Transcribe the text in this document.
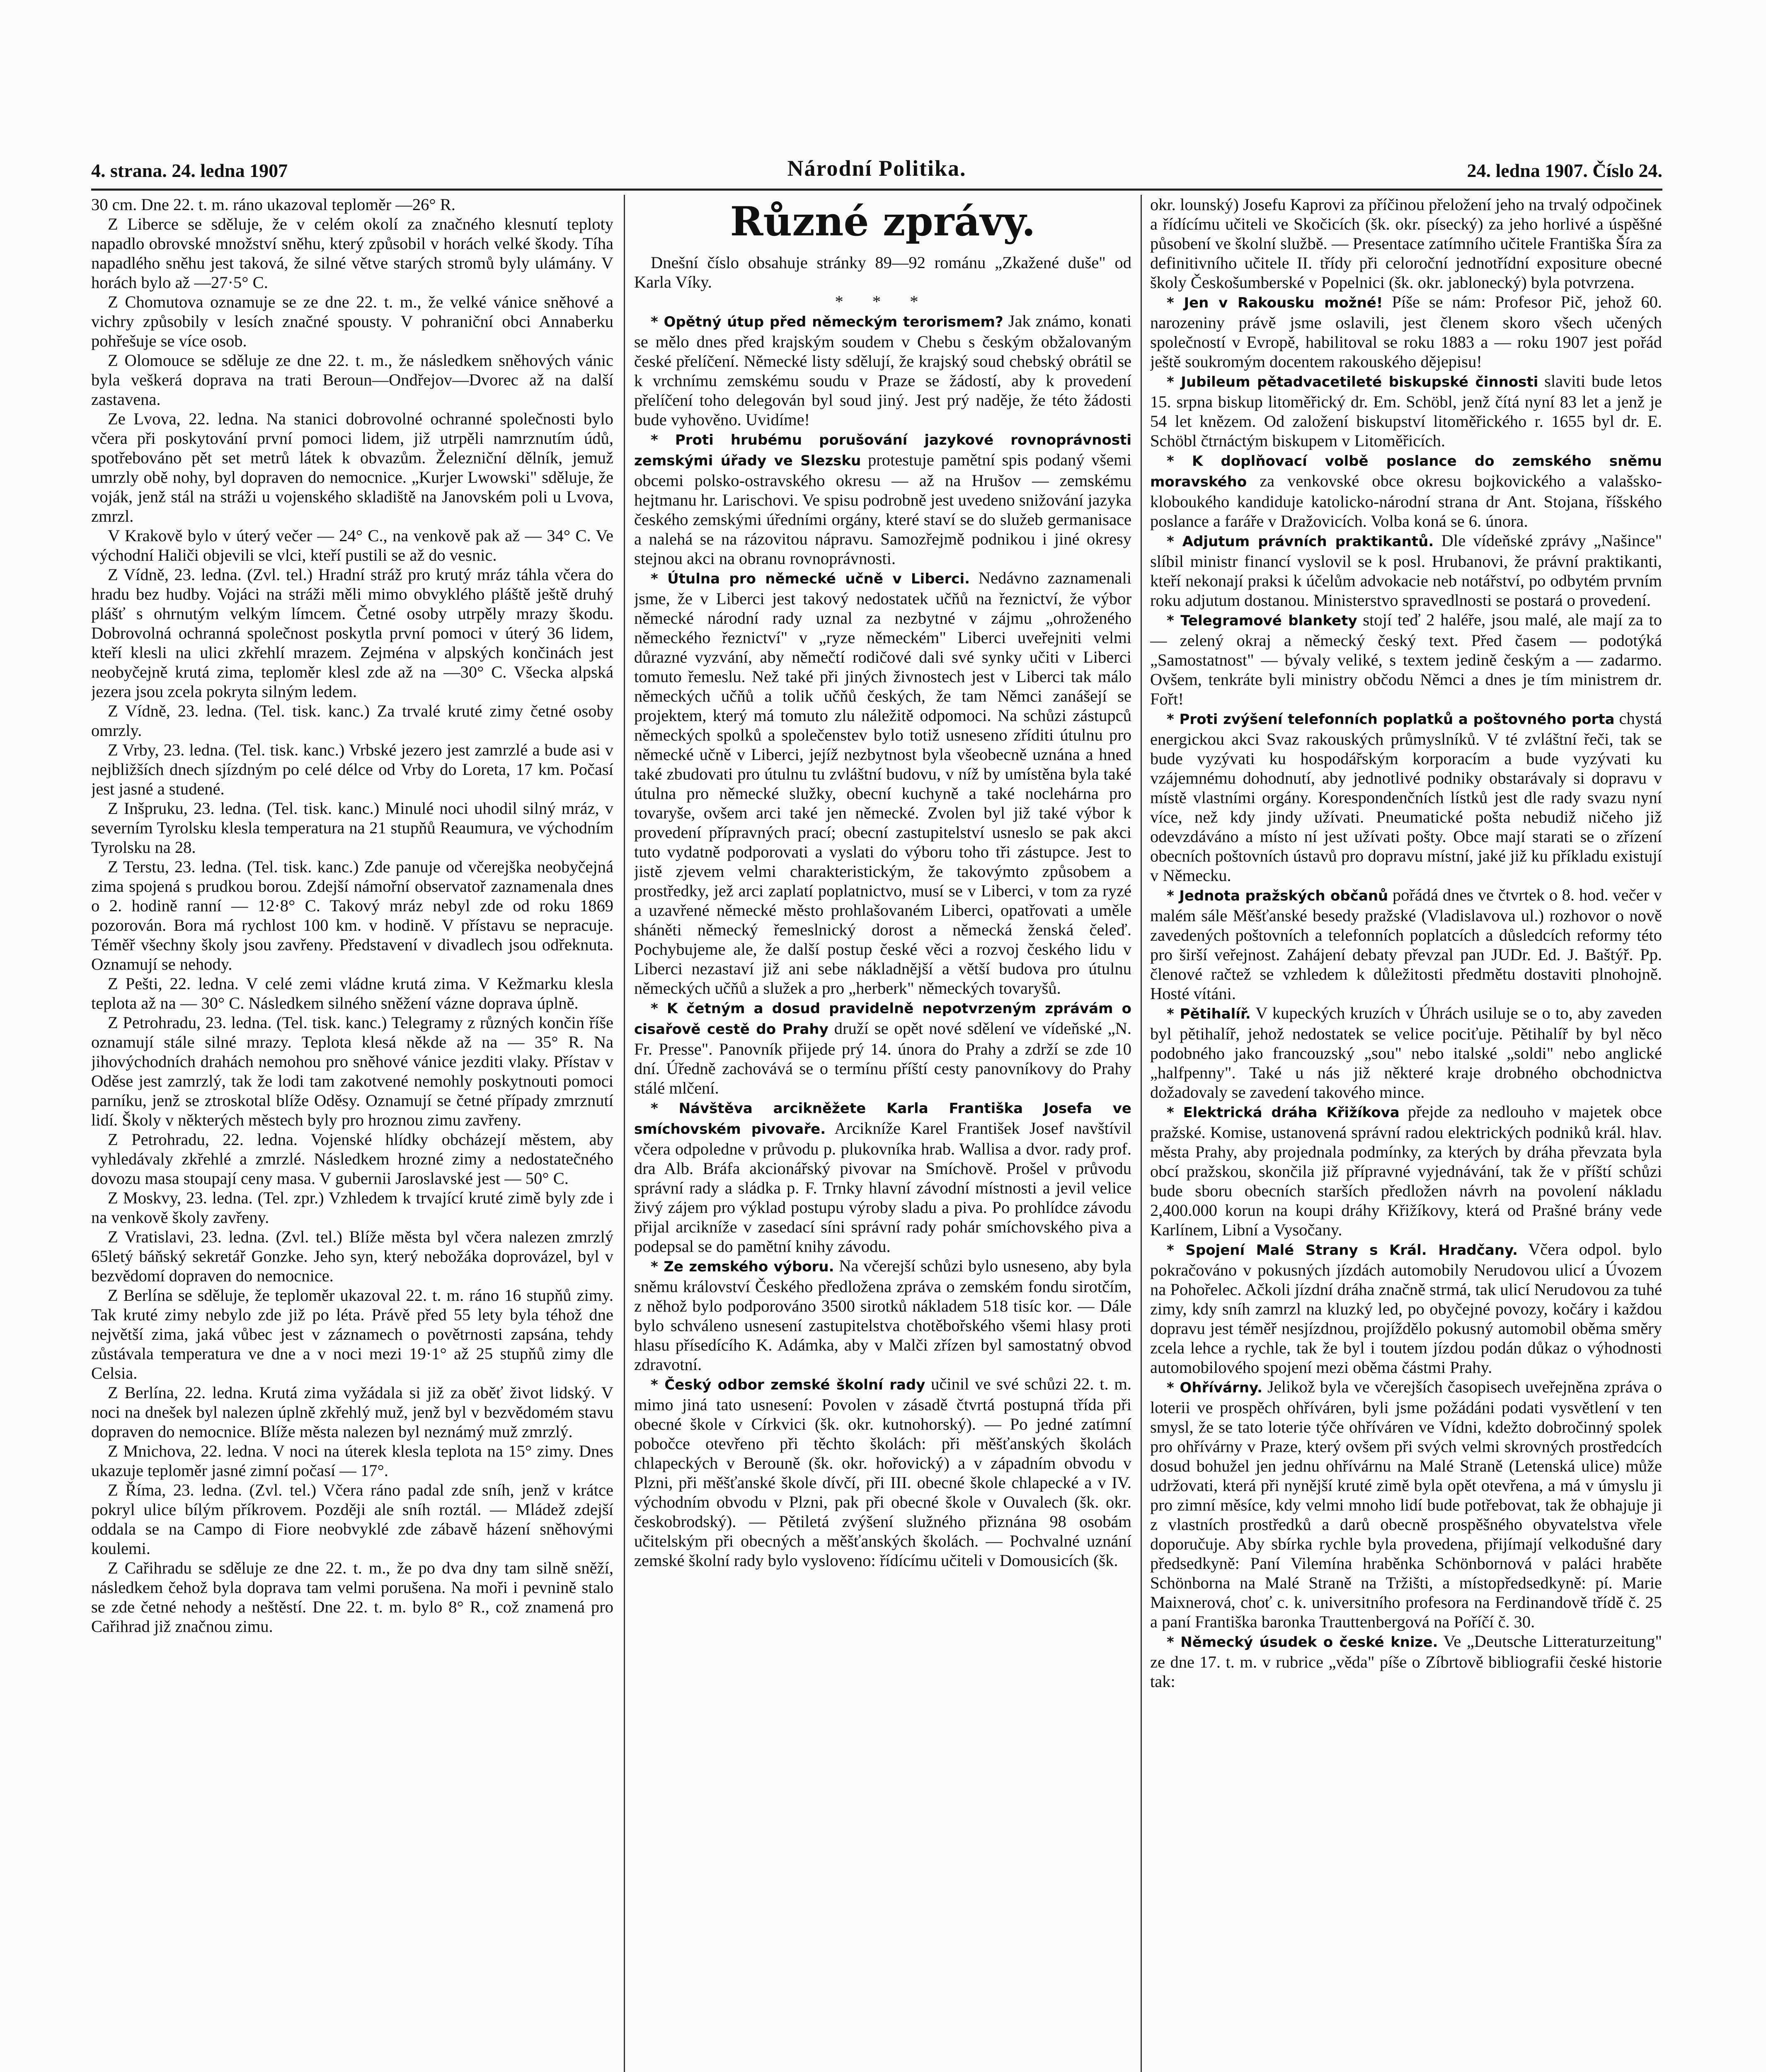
4. strana. 24. ledna 1907	Národní Politika.	24. ledna 1907. Číslo 24.

30 cm. Dne 22. t. m. ráno ukazoval teploměr —26° R.

Z Liberce se sděluje, že v celém okolí za značného klesnutí teploty napadlo obrovské množství sněhu, který způsobil v horách velké škody. Tíha napadlého sněhu jest taková, že silné větve starých stromů byly ulámány. V horách bylo až —27·5° C.

Z Chomutova oznamuje se ze dne 22. t. m., že velké vánice sněhové a vichry způsobily v lesích značné spousty. V pohraniční obci Annaberku pohřešuje se více osob.

Z Olomouce se sděluje ze dne 22. t. m., že následkem sněhových vánic byla veškerá doprava na trati Beroun—Ondřejov—Dvorec až na další zastavena.

Ze Lvova, 22. ledna. Na stanici dobrovolné ochranné společnosti bylo včera při poskytování první pomoci lidem, již utrpěli namrznutím údů, spotřebováno pět set metrů látek k obvazům. Železniční dělník, jemuž umrzly obě nohy, byl dopraven do nemocnice. „Kurjer Lwowski" sděluje, že voják, jenž stál na stráži u vojenského skladiště na Janovském poli u Lvova, zmrzl.

V Krakově bylo v úterý večer — 24° C., na venkově pak až — 34° C. Ve východní Haliči objevili se vlci, kteří pustili se až do vesnic.

Z Vídně, 23. ledna. (Zvl. tel.) Hradní stráž pro krutý mráz táhla včera do hradu bez hudby. Vojáci na stráži měli mimo obvyklého pláště ještě druhý plášť s ohrnutým velkým límcem. Četné osoby utrpěly mrazy škodu. Dobrovolná ochranná společnost poskytla první pomoci v úterý 36 lidem, kteří klesli na ulici zkřehlí mrazem. Zejména v alpských končinách jest neobyčejně krutá zima, teploměr klesl zde až na —30° C. Všecka alpská jezera jsou zcela pokryta silným ledem.

Z Vídně, 23. ledna. (Tel. tisk. kanc.) Za trvalé kruté zimy četné osoby omrzly.

Z Vrby, 23. ledna. (Tel. tisk. kanc.) Vrbské jezero jest zamrzlé a bude asi v nejbližších dnech sjízdným po celé délce od Vrby do Loreta, 17 km. Počasí jest jasné a studené.

Z Inšpruku, 23. ledna. (Tel. tisk. kanc.) Minulé noci uhodil silný mráz, v severním Tyrolsku klesla temperatura na 21 stupňů Reaumura, ve východním Tyrolsku na 28.

Z Terstu, 23. ledna. (Tel. tisk. kanc.) Zde panuje od včerejška neobyčejná zima spojená s prudkou borou. Zdejší námořní observatoř zaznamenala dnes o 2. hodině ranní — 12·8° C. Takový mráz nebyl zde od roku 1869 pozorován. Bora má rychlost 100 km. v hodině. V přístavu se nepracuje. Téměř všechny školy jsou zavřeny. Představení v divadlech jsou odřeknuta. Oznamují se nehody.

Z Pešti, 22. ledna. V celé zemi vládne krutá zima. V Kežmarku klesla teplota až na — 30° C. Následkem silného sněžení vázne doprava úplně.

Z Petrohradu, 23. ledna. (Tel. tisk. kanc.) Telegramy z různých končin říše oznamují stále silné mrazy. Teplota klesá někde až na — 35° R. Na jihovýchodních drahách nemohou pro sněhové vánice jezditi vlaky. Přístav v Oděse jest zamrzlý, tak že lodi tam zakotvené nemohly poskytnouti pomoci parníku, jenž se ztroskotal blíže Oděsy. Oznamují se četné případy zmrznutí lidí. Školy v některých městech byly pro hroznou zimu zavřeny.

Z Petrohradu, 22. ledna. Vojenské hlídky obcházejí městem, aby vyhledávaly zkřehlé a zmrzlé. Následkem hrozné zimy a nedostatečného dovozu masa stoupají ceny masa. V gubernii Jaroslavské jest — 50° C.

Z Moskvy, 23. ledna. (Tel. zpr.) Vzhledem k trvající kruté zimě byly zde i na venkově školy zavřeny.

Z Vratislavi, 23. ledna. (Zvl. tel.) Blíže města byl včera nalezen zmrzlý 65letý báňský sekretář Gonzke. Jeho syn, který nebožáka doprovázel, byl v bezvědomí dopraven do nemocnice.

Z Berlína se sděluje, že teploměr ukazoval 22. t. m. ráno 16 stupňů zimy. Tak kruté zimy nebylo zde již po léta. Právě před 55 lety byla téhož dne největší zima, jaká vůbec jest v záznamech o povětrnosti zapsána, tehdy zůstávala temperatura ve dne a v noci mezi 19·1° až 25 stupňů zimy dle Celsia.

Z Berlína, 22. ledna. Krutá zima vyžádala si již za oběť život lidský. V noci na dnešek byl nalezen úplně zkřehlý muž, jenž byl v bezvědomém stavu dopraven do nemocnice. Blíže města nalezen byl neznámý muž zmrzlý.

Z Mnichova, 22. ledna. V noci na úterek klesla teplota na 15° zimy. Dnes ukazuje teploměr jasné zimní počasí — 17°.

Z Říma, 23. ledna. (Zvl. tel.) Včera ráno padal zde sníh, jenž v krátce pokryl ulice bílým příkrovem. Později ale sníh roztál. — Mládež zdejší oddala se na Campo di Fiore neobvyklé zde zábavě házení sněhovými koulemi.

Z Cařihradu se sděluje ze dne 22. t. m., že po dva dny tam silně sněží, následkem čehož byla doprava tam velmi porušena. Na moři i pevnině stalo se zde četné nehody a neštěstí. Dne 22. t. m. bylo 8° R., což znamená pro Cařihrad již značnou zimu.

Různé zprávy.

Dnešní číslo obsahuje stránky 89—92 románu „Zkažené duše" od Karla Víky.

* * *

* Opětný útup před německým terorismem? Jak známo, konati se mělo dnes před krajským soudem v Chebu s českým obžalovaným české přelíčení. Německé listy sdělují, že krajský soud chebský obrátil se k vrchnímu zemskému soudu v Praze se žádostí, aby k provedení přelíčení toho delegován byl soud jiný. Jest prý naděje, že této žádosti bude vyhověno. Uvidíme!

* Proti hrubému porušování jazykové rovnoprávnosti zemskými úřady ve Slezsku protestuje pamětní spis podaný všemi obcemi polsko-ostravského okresu — až na Hrušov — zemskému hejtmanu hr. Larischovi. Ve spisu podrobně jest uvedeno snižování jazyka českého zemskými úředními orgány, které staví se do služeb germanisace a nalehá se na rázovitou nápravu. Samozřejmě podnikou i jiné okresy stejnou akci na obranu rovnoprávnosti.

* Útulna pro německé učně v Liberci. Nedávno zaznamenali jsme, že v Liberci jest takový nedostatek učňů na řeznictví, že výbor německé národní rady uznal za nezbytné v zájmu „ohroženého německého řeznictví" v „ryze německém" Liberci uveřejniti velmi důrazné vyzvání, aby němečtí rodičové dali své synky učiti v Liberci tomuto řemeslu. Než také při jiných živnostech jest v Liberci tak málo německých učňů a tolik učňů českých, že tam Němci zanášejí se projektem, který má tomuto zlu náležitě odpomoci. Na schůzi zástupců německých spolků a společenstev bylo totiž usneseno zříditi útulnu pro německé učně v Liberci, jejíž nezbytnost byla všeobecně uznána a hned také zbudovati pro útulnu tu zvláštní budovu, v níž by umístěna byla také útulna pro německé služky, obecní kuchyně a také noclehárna pro tovaryše, ovšem arci také jen německé. Zvolen byl již také výbor k provedení přípravných prací; obecní zastupitelství usneslo se pak akci tuto vydatně podporovati a vyslati do výboru toho tři zástupce. Jest to jistě zjevem velmi charakteristickým, že takovýmto způsobem a prostředky, jež arci zaplatí poplatnictvo, musí se v Liberci, v tom za ryzé a uzavřené německé město prohlašovaném Liberci, opatřovati a uměle sháněti německý řemeslnický dorost a německá ženská čeleď. Pochybujeme ale, že další postup české věci a rozvoj českého lidu v Liberci nezastaví již ani sebe nákladnější a větší budova pro útulnu německých učňů a služek a pro „herberk" německých tovaryšů.

* K četným a dosud pravidelně nepotvrzeným zprávám o cisařově cestě do Prahy druží se opět nové sdělení ve vídeňské „N. Fr. Presse". Panovník přijede prý 14. února do Prahy a zdrží se zde 10 dní. Úředně zachovává se o termínu příští cesty panovníkovy do Prahy stálé mlčení.

* Návštěva arcikněžete Karla Františka Josefa ve smíchovském pivovaře. Arcikníže Karel František Josef navštívil včera odpoledne v průvodu p. plukovníka hrab. Wallisa a dvor. rady prof. dra Alb. Bráfa akcionářský pivovar na Smíchově. Prošel v průvodu správní rady a sládka p. F. Trnky hlavní závodní místnosti a jevil velice živý zájem pro výklad postupu výroby sladu a piva. Po prohlídce závodu přijal arcikníže v zasedací síni správní rady pohár smíchovského piva a podepsal se do pamětní knihy závodu.

* Ze zemského výboru. Na včerejší schůzi bylo usneseno, aby byla sněmu království Českého předložena zpráva o zemském fondu sirotčím, z něhož bylo podporováno 3500 sirotků nákladem 518 tisíc kor. — Dále bylo schváleno usnesení zastupitelstva chotěbořského všemi hlasy proti hlasu přísedícího K. Adámka, aby v Malči zřízen byl samostatný obvod zdravotní.

* Český odbor zemské školní rady učinil ve své schůzi 22. t. m. mimo jiná tato usnesení: Povolen v zásadě čtvrtá postupná třída při obecné škole v Církvici (šk. okr. kutnohorský). — Po jedné zatímní pobočce otevřeno při těchto školách: při měšťanských školách chlapeckých v Berouně (šk. okr. hořovický) a v západním obvodu v Plzni, při měšťanské škole dívčí, při III. obecné škole chlapecké a v IV. východním obvodu v Plzni, pak při obecné škole v Ouvalech (šk. okr. českobrodský). — Pětiletá zvýšení služného přiznána 98 osobám učitelským při obecných a měšťanských školách. — Pochvalné uznání zemské školní rady bylo vysloveno: řídícímu učiteli v Domousicích (šk.

okr. lounský) Josefu Kaprovi za příčinou přeložení jeho na trvalý odpočinek a řídícímu učiteli ve Skočicích (šk. okr. písecký) za jeho horlivé a úspěšné působení ve školní službě. — Presentace zatímního učitele Františka Šíra za definitivního učitele II. třídy při celoroční jednotřídní expositure obecné školy Českošumberské v Popelnici (šk. okr. jablonecký) byla potvrzena.

* Jen v Rakousku možné! Píše se nám: Profesor Pič, jehož 60. narozeniny právě jsme oslavili, jest členem skoro všech učených společností v Evropě, habilitoval se roku 1883 a — roku 1907 jest pořád ještě soukromým docentem rakouského dějepisu!

* Jubileum pětadvacetileté biskupské činnosti slaviti bude letos 15. srpna biskup litoměřický dr. Em. Schöbl, jenž čítá nyní 83 let a jenž je 54 let knězem. Od založení biskupství litoměřického r. 1655 byl dr. E. Schöbl čtrnáctým biskupem v Litoměřicích.

* K doplňovací volbě poslance do zemského sněmu moravského za venkovské obce okresu bojkovického a valašsko-kloboukého kandiduje katolicko-národní strana dr Ant. Stojana, říšského poslance a faráře v Dražovicích. Volba koná se 6. února.

* Adjutum právních praktikantů. Dle vídeňské zprávy „Našince" slíbil ministr financí vyslovil se k posl. Hrubanovi, že právní praktikanti, kteří nekonají praksi k účelům advokacie neb notářství, po odbytém prvním roku adjutum dostanou. Ministerstvo spravedlnosti se postará o provedení.

* Telegramové blankety stojí teď 2 haléře, jsou malé, ale mají za to — zelený okraj a německý český text. Před časem — podotýká „Samostatnost" — bývaly veliké, s textem jedině českým a — zadarmo. Ovšem, tenkráte byli ministry občodu Němci a dnes je tím ministrem dr. Fořt!

* Proti zvýšení telefonních poplatků a poštovného porta chystá energickou akci Svaz rakouských průmyslníků. V té zvláštní řeči, tak se bude vyzývati ku hospodářským korporacím a bude vyzývati ku vzájemnému dohodnutí, aby jednotlivé podniky obstarávaly si dopravu v místě vlastními orgány. Korespondenčních lístků jest dle rady svazu nyní více, než kdy jindy užívati. Pneumatické pošta nebudiž ničeho již odevzdáváno a místo ní jest užívati pošty. Obce mají starati se o zřízení obecních poštovních ústavů pro dopravu místní, jaké již ku příkladu existují v Německu.

* Jednota pražských občanů pořádá dnes ve čtvrtek o 8. hod. večer v malém sále Měšťanské besedy pražské (Vladislavova ul.) rozhovor o nově zavedených poštovních a telefonních poplatcích a důsledcích reformy této pro širší veřejnost. Zahájení debaty převzal pan JUDr. Ed. J. Baštýř. Pp. členové račtež se vzhledem k důležitosti předmětu dostaviti plnohojně. Hosté vítáni.

* Pětihalíř. V kupeckých kruzích v Úhrách usiluje se o to, aby zaveden byl pětihalíř, jehož nedostatek se velice pociťuje. Pětihalíř by byl něco podobného jako francouzský „sou" nebo italské „soldi" nebo anglické „halfpenny". Také u nás již některé kraje drobného obchodnictva dožadovaly se zavedení takového mince.

* Elektrická dráha Křižíkova přejde za nedlouho v majetek obce pražské. Komise, ustanovená správní radou elektrických podniků král. hlav. města Prahy, aby projednala podmínky, za kterých by dráha převzata byla obcí pražskou, skončila již přípravné vyjednávání, tak že v příští schůzi bude sboru obecních starších předložen návrh na povolení nákladu 2,400.000 korun na koupi dráhy Křižíkovy, která od Prašné brány vede Karlínem, Libní a Vysočany.

* Spojení Malé Strany s Král. Hradčany. Včera odpol. bylo pokračováno v pokusných jízdách automobily Nerudovou ulicí a Úvozem na Pohořelec. Ačkoli jízdní dráha značně strmá, tak ulicí Nerudovou za tuhé zimy, kdy sníh zamrzl na kluzký led, po obyčejné povozy, kočáry i každou dopravu jest téměř nesjízdnou, projíždělo pokusný automobil oběma směry zcela lehce a rychle, tak že byl i toutem jízdou podán důkaz o výhodnosti automobilového spojení mezi oběma částmi Prahy.

* Ohřívárny. Jelikož byla ve včerejších časopisech uveřejněna zpráva o loterii ve prospěch ohříváren, byli jsme požádáni podati vysvětlení v ten smysl, že se tato loterie týče ohříváren ve Vídni, kdežto dobročinný spolek pro ohřívárny v Praze, který ovšem při svých velmi skrovných prostředcích dosud bohužel jen jednu ohřívárnu na Malé Straně (Letenská ulice) může udržovati, která při nynější kruté zimě byla opět otevřena, a má v úmyslu ji pro zimní měsíce, kdy velmi mnoho lidí bude potřebovat, tak že obhajuje ji z vlastních prostředků a darů obecně prospěšného obyvatelstva vřele doporučuje. Aby sbírka rychle byla provedena, přijímají velkodušné dary předsedkyně: Paní Vilemína hraběnka Schönbornová v paláci hraběte Schönborna na Malé Straně na Tržišti, a místopředsedkyně: pí. Marie Maixnerová, choť c. k. universitního profesora na Ferdinandově třídě č. 25 a paní Františka baronka Trauttenbergová na Poříčí č. 30.

* Německý úsudek o české knize. Ve „Deutsche Litteraturzeitung" ze dne 17. t. m. v rubrice „věda" píše o Zíbrtově bibliografii české historie tak:
